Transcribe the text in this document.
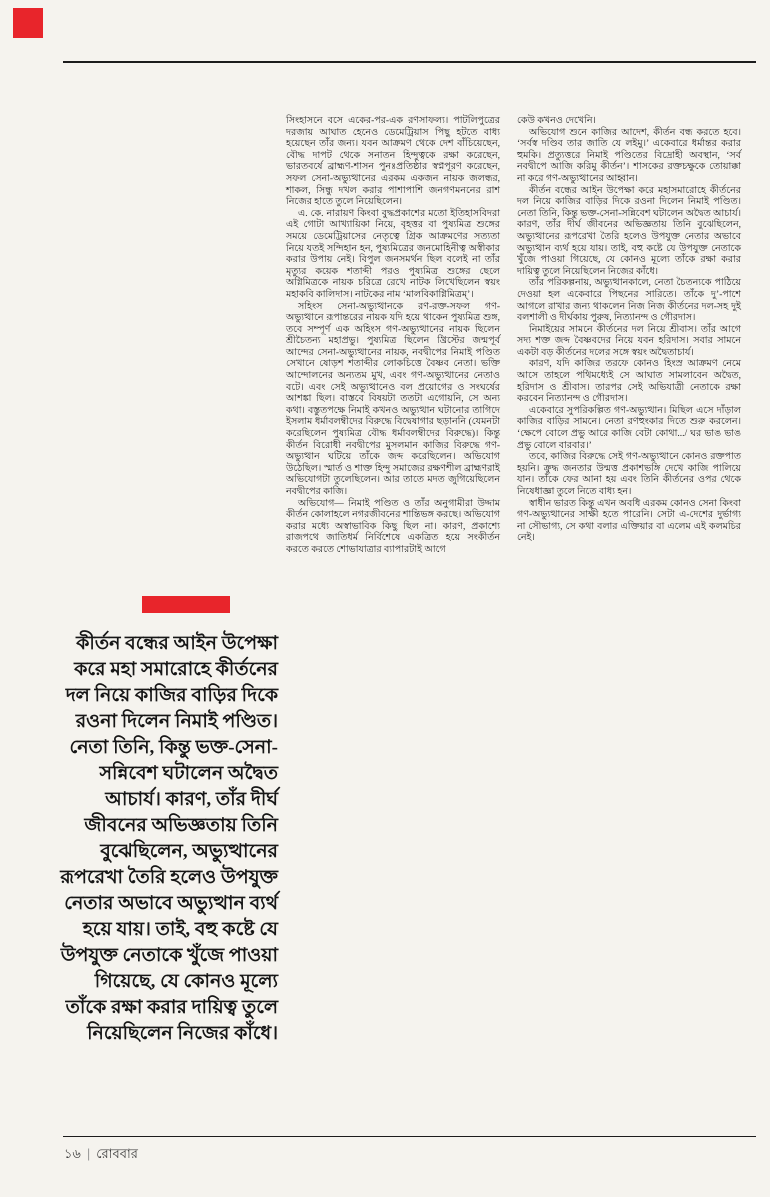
কীর্তন বন্ধের আইন উপেক্ষা করে মহা সমারোহে কীর্তনের দল নিয়ে কাজির বাড়ির দিকে রওনা দিলেন নিমাই পণ্ডিত। নেতা তিনি, কিন্তু ভক্ত-সেনা-সন্নিবেশ ঘটালেন অদ্বৈত আচার্য। কারণ, তাঁর দীর্ঘ জীবনের অভিজ্ঞতায় তিনি বুঝেছিলেন, অভ্যুত্থানের রূপরেখা তৈরি হলেও উপযুক্ত নেতার অভাবে অভ্যুত্থান ব্যর্থ হয়ে যায়। তাই, বহু কষ্টে যে উপযুক্ত নেতাকে খুঁজে পাওয়া গিয়েছে, যে কোনও মূল্যে তাঁকে রক্ষা করার দায়িত্ব তুলে নিয়েছিলেন নিজের কাঁধে।

সিংহাসনে বসে একের-পর-এক রণসাফল্য। পাটলিপুত্রের দরজায় আঘাত হেনেও ডেমেট্রিয়াস পিছু হটতে বাধ্য হয়েছেন তাঁর জন্য। যবন আক্রমণ থেকে দেশ বাঁচিয়েছেন, বৌদ্ধ দাপট থেকে সনাতন হিন্দুত্বকে রক্ষা করেছেন, ভারতবর্ষে ব্রাহ্মণ-শাসন পুনঃপ্রতিষ্ঠার স্বপ্নপূরণ করেছেন, সফল সেনা-অভ্যুত্থানের এরকম একজন নায়ক জলন্ধর, শাকল, সিন্ধু দখল করার পাশাপাশি জনগণমননের রাশ নিজের হাতে তুলে নিয়েছিলেন।

এ. কে. নারায়ণ কিংবা বুদ্ধপ্রকাশের মতো ইতিহাসবিদরা এই গোটা আখ্যায়িকা নিয়ে, বৃহত্তর বা পুষ্যমিত্র শুঙ্গের সময়ে ডেমেট্রিয়াসের নেতৃত্বে গ্রিক আক্রমণের সত্যতা নিয়ে যতই সন্দিহান হন, পুষ্যমিত্রের জনমোহিনীত্ব অস্বীকার করার উপায় নেই। বিপুল জনসমর্থন ছিল বলেই না তাঁর মৃত্যুর কয়েক শতাব্দী পরও পুষ্যমিত্র শুঙ্গের ছেলে অগ্নিমিত্রকে নায়ক চরিত্রে রেখে নাটক লিখেছিলেন স্বয়ং মহাকবি কালিদাস। নাটকের নাম ‘মালবিকাগ্নিমিত্রম্’।

সহিংস সেনা-অভ্যুত্থানকে রণ-রক্ত-সফল গণ-অভ্যুত্থানে রূপান্তরের নায়ক যদি হয়ে থাকেন পুষ্যমিত্র শুঙ্গ, তবে সম্পূর্ণ এক অহিংস গণ-অভ্যুত্থানের নায়ক ছিলেন শ্রীচৈতন্য মহাপ্রভু। পুষ্যমিত্র ছিলেন খ্রিস্টের জন্মপূর্ব আন্দের সেনা-অভ্যুত্থানের নায়ক, নবদ্বীপের নিমাই পণ্ডিত সেখানে ষোড়শ শতাব্দীর লোকচিত্তে বৈষ্ণব নেতা। ভক্তি আন্দোলনের অন্যতম মুখ, এবং গণ-অভ্যুত্থানের নেতাও বটে। এবং সেই অভ্যুত্থানেও বল প্রয়োগের ও সংঘর্ষের আশঙ্কা ছিল। বাস্তবে বিষয়টা ততটা এগোয়নি, সে অন্য কথা। বস্তুতপক্ষে নিমাই কখনও অভ্যুত্থান ঘটানোর তাগিদে ইসলাম ধর্মাবলম্বীদের বিরুদ্ধে বিদ্বেষাগার ছড়াননি (যেমনটা করেছিলেন পুষ্যমিত্র বৌদ্ধ ধর্মাবলম্বীদের বিরুদ্ধে)। কিন্তু কীর্তন বিরোধী নবদ্বীপের মুসলমান কাজির বিরুদ্ধে গণ-অভ্যুত্থান ঘটিয়ে তাঁকে জব্দ করেছিলেন। অভিযোগ উঠেছিল। স্মার্ত ও শাক্ত হিন্দু সমাজের রক্ষণশীল ব্রাহ্মণরাই অভিযোগটা তুলেছিলেন। আর তাতে মদত জুগিয়েছিলেন নবদ্বীপের কাজি।

অভিযোগ— নিমাই পণ্ডিত ও তাঁর অনুগামীরা উদ্দাম কীর্তন কোলাহলে নগরজীবনের শান্তিভঙ্গ করছে। অভিযোগ করার মধ্যে অস্বাভাবিক কিছু ছিল না। কারণ, প্রকাশ্যে রাজপথে জাতিধর্ম নির্বিশেষে একত্রিত হয়ে সংকীর্তন করতে করতে শোভাযাত্রার ব্যাপারটাই আগে

কেউ কখনও দেখেনি।

অভিযোগ শুনে কাজির আদেশ, কীর্তন বন্ধ করতে হবে। ‘সর্বস্ব দণ্ডিব তার জাতি যে লইমু।’ একেবারে ধর্মান্তর করার হুমকি। প্রত্যুত্তরে নিমাই পণ্ডিতের বিদ্রোহী অবস্থান, ‘সর্ব নবদ্বীপে আজি করিমু কীর্তন’। শাসকের রক্তচক্ষুকে তোয়াক্কা না করে গণ-অভ্যুত্থানের আহ্বান।

কীর্তন বন্ধের আইন উপেক্ষা করে মহাসমারোহে কীর্তনের দল নিয়ে কাজির বাড়ির দিকে রওনা দিলেন নিমাই পণ্ডিত। নেতা তিনি, কিন্তু ভক্ত-সেনা-সন্নিবেশ ঘটালেন অদ্বৈত আচার্য। কারণ, তাঁর দীর্ঘ জীবনের অভিজ্ঞতায় তিনি বুঝেছিলেন, অভ্যুত্থানের রূপরেখা তৈরি হলেও উপযুক্ত নেতার অভাবে অভ্যুত্থান ব্যর্থ হয়ে যায়। তাই, বহু কষ্টে যে উপযুক্ত নেতাকে খুঁজে পাওয়া গিয়েছে, যে কোনও মূল্যে তাঁকে রক্ষা করার দায়িত্ব তুলে নিয়েছিলেন নিজের কাঁধে।

তাঁর পরিকল্পনায়, অভ্যুত্থানকালে, নেতা চৈতন্যকে পাঠিয়ে দেওয়া হল একেবারে পিছনের সারিতে। তাঁকে দু’-পাশে আগলে রাখার জন্য থাকলেন নিজ নিজ কীর্তনের দল-সহ দুই বলশালী ও দীর্ঘকায় পুরুষ, নিত্যানন্দ ও গৌরদাস।

নিমাইয়ের সামনে কীর্তনের দল নিয়ে শ্রীবাস। তাঁর আগে সদ্য শক্ত জব্দ বৈষ্ণবদের নিয়ে যবন হরিদাস। সবার সামনে একটা বড় কীর্তনের দলের সঙ্গে স্বয়ং অদ্বৈতাচার্য।

কারণ, যদি কাজির তরফে কোনও হিংস্র আক্রমণ নেমে আসে তাহলে পথিমধ্যেই সে আঘাত সামলাবেন অদ্বৈত, হরিদাস ও শ্রীবাস। তারপর সেই অভিযাত্রী নেতাকে রক্ষা করবেন নিত্যানন্দ ও গৌরদাস।

একেবারে সুপরিকল্পিত গণ-অভ্যুত্থান। মিছিল এসে দাঁড়াল কাজির বাড়ির সামনে। নেতা রণহুংকার দিতে শুরু করলেন। ‘ক্ষেপে বোলে প্রভু আরে কাজি বেটা কোথা.../ ঘর ভাঙ ভাঙ প্রভু বোলে বারবার।’

তবে, কাজির বিরুদ্ধে সেই গণ-অভ্যুত্থানে কোনও রক্তপাত হয়নি। ক্রুদ্ধ জনতার উন্মত্ত প্রকাশভঙ্গি দেখে কাজি পালিয়ে যান। তাঁকে ফের আনা হয় এবং তিনি কীর্তনের ওপর থেকে নিষেধাজ্ঞা তুলে নিতে বাধ্য হন।

স্বাধীন ভারত কিন্তু এখন অবধি এরকম কোনও সেনা কিংবা গণ-অভ্যুত্থানের সাক্ষী হতে পারেনি। সেটা এ-দেশের দুর্ভাগ্য না সৌভাগ্য, সে কথা বলার এক্তিয়ার বা এলেম এই কলমচির নেই।

১৬ | রোববার
